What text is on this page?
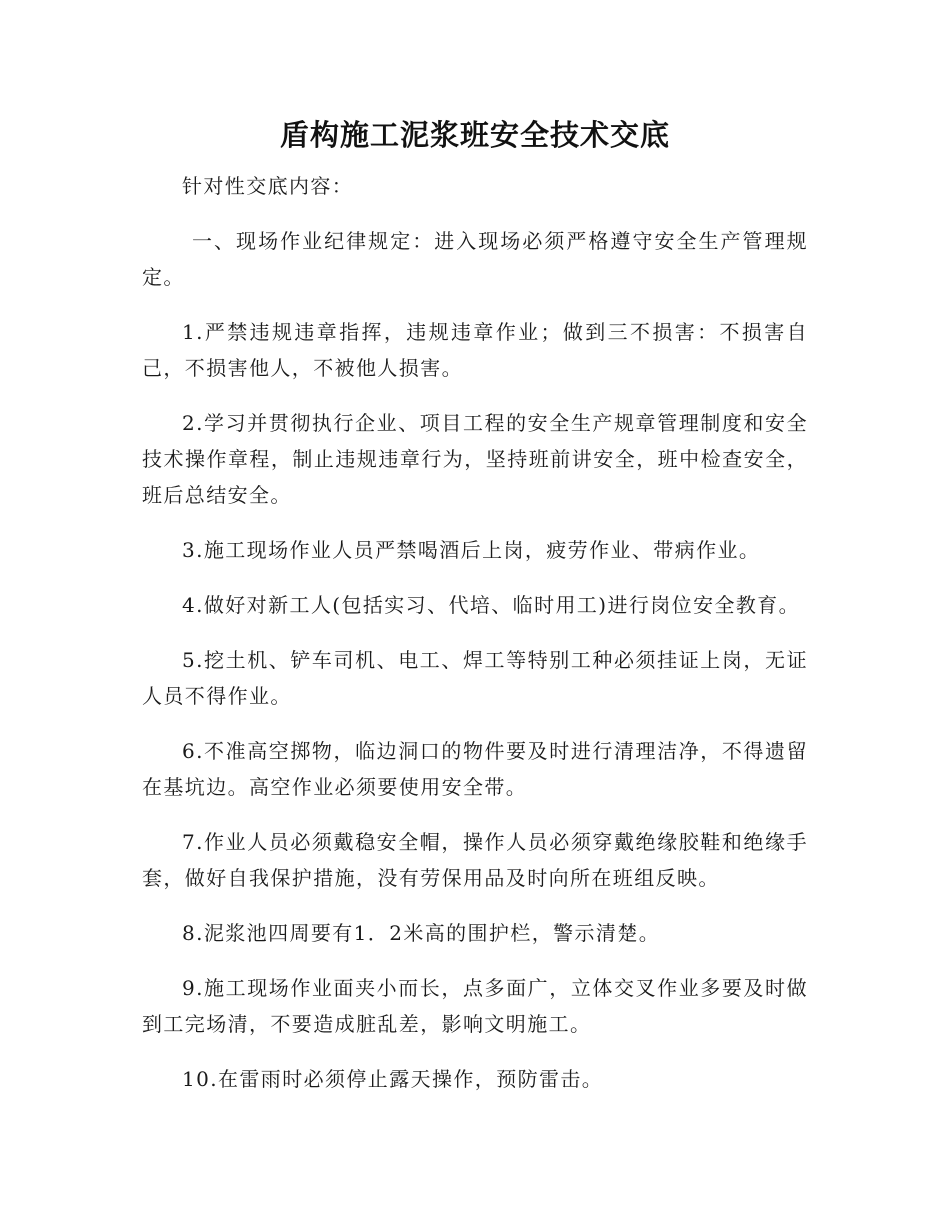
盾构施工泥浆班安全技术交底

针对性交底内容：

一、现场作业纪律规定：进入现场必须严格遵守安全生产管理规定。

1.严禁违规违章指挥，违规违章作业；做到三不损害：不损害自己，不损害他人，不被他人损害。

2.学习并贯彻执行企业、项目工程的安全生产规章管理制度和安全技术操作章程，制止违规违章行为，坚持班前讲安全，班中检查安全，班后总结安全。

3.施工现场作业人员严禁喝酒后上岗，疲劳作业、带病作业。

4.做好对新工人(包括实习、代培、临时用工)进行岗位安全教育。

5.挖土机、铲车司机、电工、焊工等特别工种必须挂证上岗，无证人员不得作业。

6.不准高空掷物，临边洞口的物件要及时进行清理洁净，不得遗留在基坑边。高空作业必须要使用安全带。

7.作业人员必须戴稳安全帽，操作人员必须穿戴绝缘胶鞋和绝缘手套，做好自我保护措施，没有劳保用品及时向所在班组反映。

8.泥浆池四周要有1．2米高的围护栏，警示清楚。

9.施工现场作业面夹小而长，点多面广，立体交叉作业多要及时做到工完场清，不要造成脏乱差，影响文明施工。

10.在雷雨时必须停止露天操作，预防雷击。
